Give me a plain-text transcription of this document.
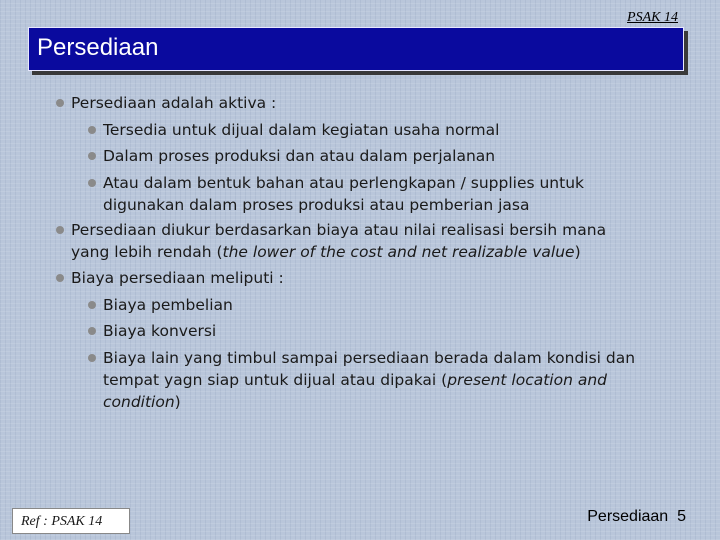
PSAK 14
Persediaan
Persediaan adalah aktiva :
Tersedia untuk dijual dalam kegiatan usaha normal
Dalam proses produksi dan atau dalam perjalanan
Atau dalam bentuk bahan atau perlengkapan / supplies untuk
digunakan dalam proses produksi atau pemberian jasa
Persediaan diukur berdasarkan biaya atau nilai realisasi bersih mana
yang lebih rendah (the lower of the cost and net realizable value)
Biaya persediaan meliputi :
Biaya pembelian
Biaya konversi
Biaya lain yang timbul sampai persediaan berada dalam kondisi dan
tempat yagn siap untuk dijual atau dipakai (present location and
condition)
Ref : PSAK 14	Persediaan 5
